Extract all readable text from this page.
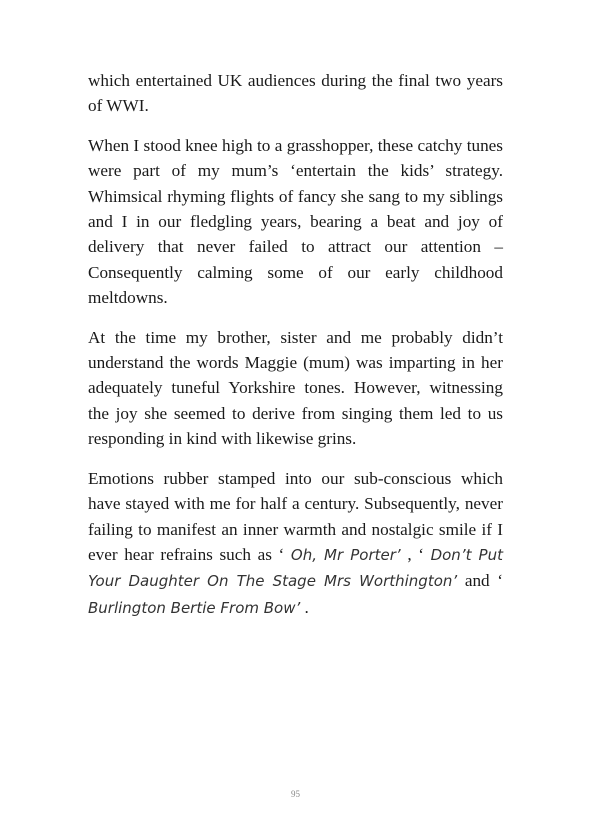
which entertained UK audiences during the final two years of WWI.

When I stood knee high to a grasshopper, these catchy tunes were part of my mum’s ‘entertain the kids’ strategy. Whimsical rhyming flights of fancy she sang to my siblings and I in our fledgling years, bearing a beat and joy of delivery that never failed to attract our attention – Consequently calming some of our early childhood meltdowns.

At the time my brother, sister and me probably didn’t understand the words Maggie (mum) was imparting in her adequately tuneful Yorkshire tones. However, witnessing the joy she seemed to derive from singing them led to us responding in kind with likewise grins.

Emotions rubber stamped into our sub-conscious which have stayed with me for half a century. Subsequently, never failing to manifest an inner warmth and nostalgic smile if I ever hear refrains such as ‘ Oh, Mr Porter’ , ‘ Don’t Put Your Daughter On The Stage Mrs Worthington’ and ‘ Burlington Bertie From Bow’ .

95
